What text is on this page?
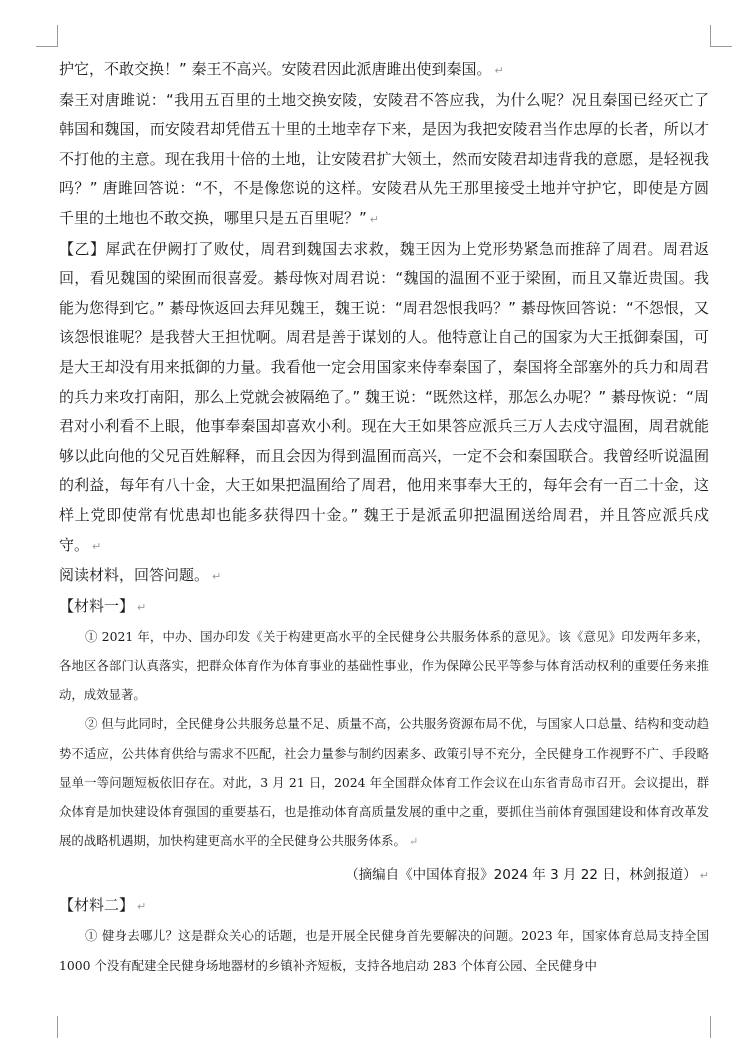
护它，不敢交换！” 秦王不高兴。安陵君因此派唐雎出使到秦国。 ↵

秦王对唐雎说：“我用五百里的土地交换安陵，安陵君不答应我，为什么呢？况且秦国已经灭亡了韩国和魏国，而安陵君却凭借五十里的土地幸存下来，是因为我把安陵君当作忠厚的长者，所以才不打他的主意。现在我用十倍的土地，让安陵君扩大领土，然而安陵君却违背我的意愿，是轻视我吗？” 唐雎回答说：“不，不是像您说的这样。安陵君从先王那里接受土地并守护它，即使是方圆千里的土地也不敢交换，哪里只是五百里呢？” ↵

【乙】犀武在伊阙打了败仗，周君到魏国去求救，魏王因为上党形势紧急而推辞了周君。周君返回，看见魏国的梁囿而很喜爱。綦母恢对周君说：“魏国的温囿不亚于梁囿，而且又靠近贵国。我能为您得到它。” 綦母恢返回去拜见魏王，魏王说：“周君怨恨我吗？” 綦母恢回答说：“不怨恨，又该怨恨谁呢？是我替大王担忧啊。周君是善于谋划的人。他特意让自己的国家为大王抵御秦国，可是大王却没有用来抵御的力量。我看他一定会用国家来侍奉秦国了，秦国将全部塞外的兵力和周君的兵力来攻打南阳，那么上党就会被隔绝了。” 魏王说：“既然这样，那怎么办呢？” 綦母恢说：“周君对小利看不上眼，他事奉秦国却喜欢小利。现在大王如果答应派兵三万人去戍守温囿，周君就能够以此向他的父兄百姓解释，而且会因为得到温囿而高兴，一定不会和秦国联合。我曾经听说温囿的利益，每年有八十金，大王如果把温囿给了周君，他用来事奉大王的，每年会有一百二十金，这样上党即使常有忧患却也能多获得四十金。” 魏王于是派孟卯把温囿送给周君，并且答应派兵戍守。 ↵

阅读材料，回答问题。 ↵

【材料一】 ↵

① 2021 年，中办、国办印发《关于构建更高水平的全民健身公共服务体系的意见》。该《意见》印发两年多来，各地区各部门认真落实，把群众体育作为体育事业的基础性事业，作为保障公民平等参与体育活动权利的重要任务来推动，成效显著。

② 但与此同时，全民健身公共服务总量不足、质量不高，公共服务资源布局不优，与国家人口总量、结构和变动趋势不适应，公共体育供给与需求不匹配，社会力量参与制约因素多、政策引导不充分，全民健身工作视野不广、手段略显单一等问题短板依旧存在。对此，3 月 21 日，2024 年全国群众体育工作会议在山东省青岛市召开。会议提出，群众体育是加快建设体育强国的重要基石，也是推动体育高质量发展的重中之重，要抓住当前体育强国建设和体育改革发展的战略机遇期，加快构建更高水平的全民健身公共服务体系。 ↵

（摘编自《中国体育报》2024 年 3 月 22 日，林剑报道） ↵

【材料二】 ↵

① 健身去哪儿？这是群众关心的话题，也是开展全民健身首先要解决的问题。2023 年，国家体育总局支持全国 1000 个没有配建全民健身场地器材的乡镇补齐短板，支持各地启动 283 个体育公园、全民健身中
